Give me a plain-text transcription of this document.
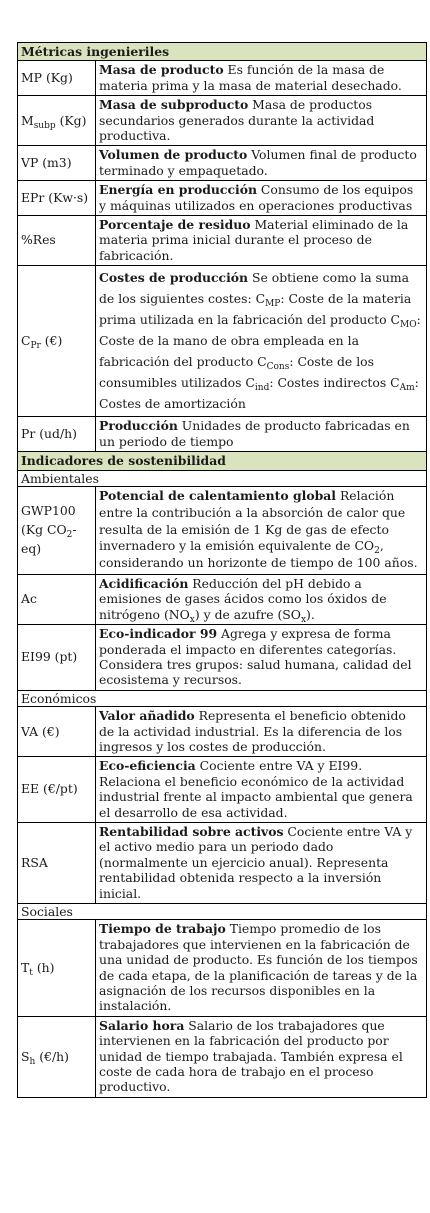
Métricas ingenieriles	
MP (Kg)	Masa de producto Es función de la masa de materia prima y la masa de material desechado.
$M_{subp}$ (Kg)	Masa de subproducto Masa de productos secundarios generados durante la actividad productiva.
VP (m3)	Volumen de producto Volumen final de producto terminado y empaquetado.
EPr (Kw·s)	Energía en producción Consumo de los equipos y máquinas utilizados en operaciones productivas
%Res	Porcentaje de residuo Material eliminado de la materia prima inicial durante el proceso de fabricación.
$C_{Pr}$ (€)	Costes de producción Se obtiene como la suma de los siguientes costes: $C_{MP}$: Coste de la materia prima utilizada en la fabricación del producto $C_{MO}$: Coste de la mano de obra empleada en la fabricación del producto $C_{Cons}$: Coste de los consumibles utilizados $C_{ind}$: Costes indirectos $C_{Am}$: Costes de amortización
Pr (ud/h)	Producción Unidades de producto fabricadas en un periodo de tiempo
Indicadores de sostenibilidad	
Ambientales	
GWP100 (Kg $CO_2-eq$)	Potencial de calentamiento global Relación entre la contribución a la absorción de calor que resulta de la emisión de 1 Kg de gas de efecto invernadero y la emisión equivalente de $CO_2$, considerando un horizonte de tiempo de 100 años.
Ac	Acidificación Reducción del pH debido a emisiones de gases ácidos como los óxidos de nitrógeno $(NO_x)$ y de azufre $(SO_x)$.
EI99 (pt)	Eco-indicador 99 Agrega y expresa de forma ponderada el impacto en diferentes categorías. Considera tres grupos: salud humana, calidad del ecosistema y recursos.
Económicos	
VA (€)	Valor añadido Representa el beneficio obtenido de la actividad industrial. Es la diferencia de los ingresos y los costes de producción.
EE (€/pt)	Eco-eficiencia Cociente entre VA y EI99. Relaciona el beneficio económico de la actividad industrial frente al impacto ambiental que genera el desarrollo de esa actividad.
RSA	Rentabilidad sobre activos Cociente entre VA y el activo medio para un periodo dado (normalmente un ejercicio anual). Representa rentabilidad obtenida respecto a la inversión inicial.
Sociales	
$T_t$ (h)	Tiempo de trabajo Tiempo promedio de los trabajadores que intervienen en la fabricación de una unidad de producto. Es función de los tiempos de cada etapa, de la planificación de tareas y de la asignación de los recursos disponibles en la instalación.
$S_h$ (€/h)	Salario hora Salario de los trabajadores que intervienen en la fabricación del producto por unidad de tiempo trabajada. También expresa el coste de cada hora de trabajo en el proceso productivo.
